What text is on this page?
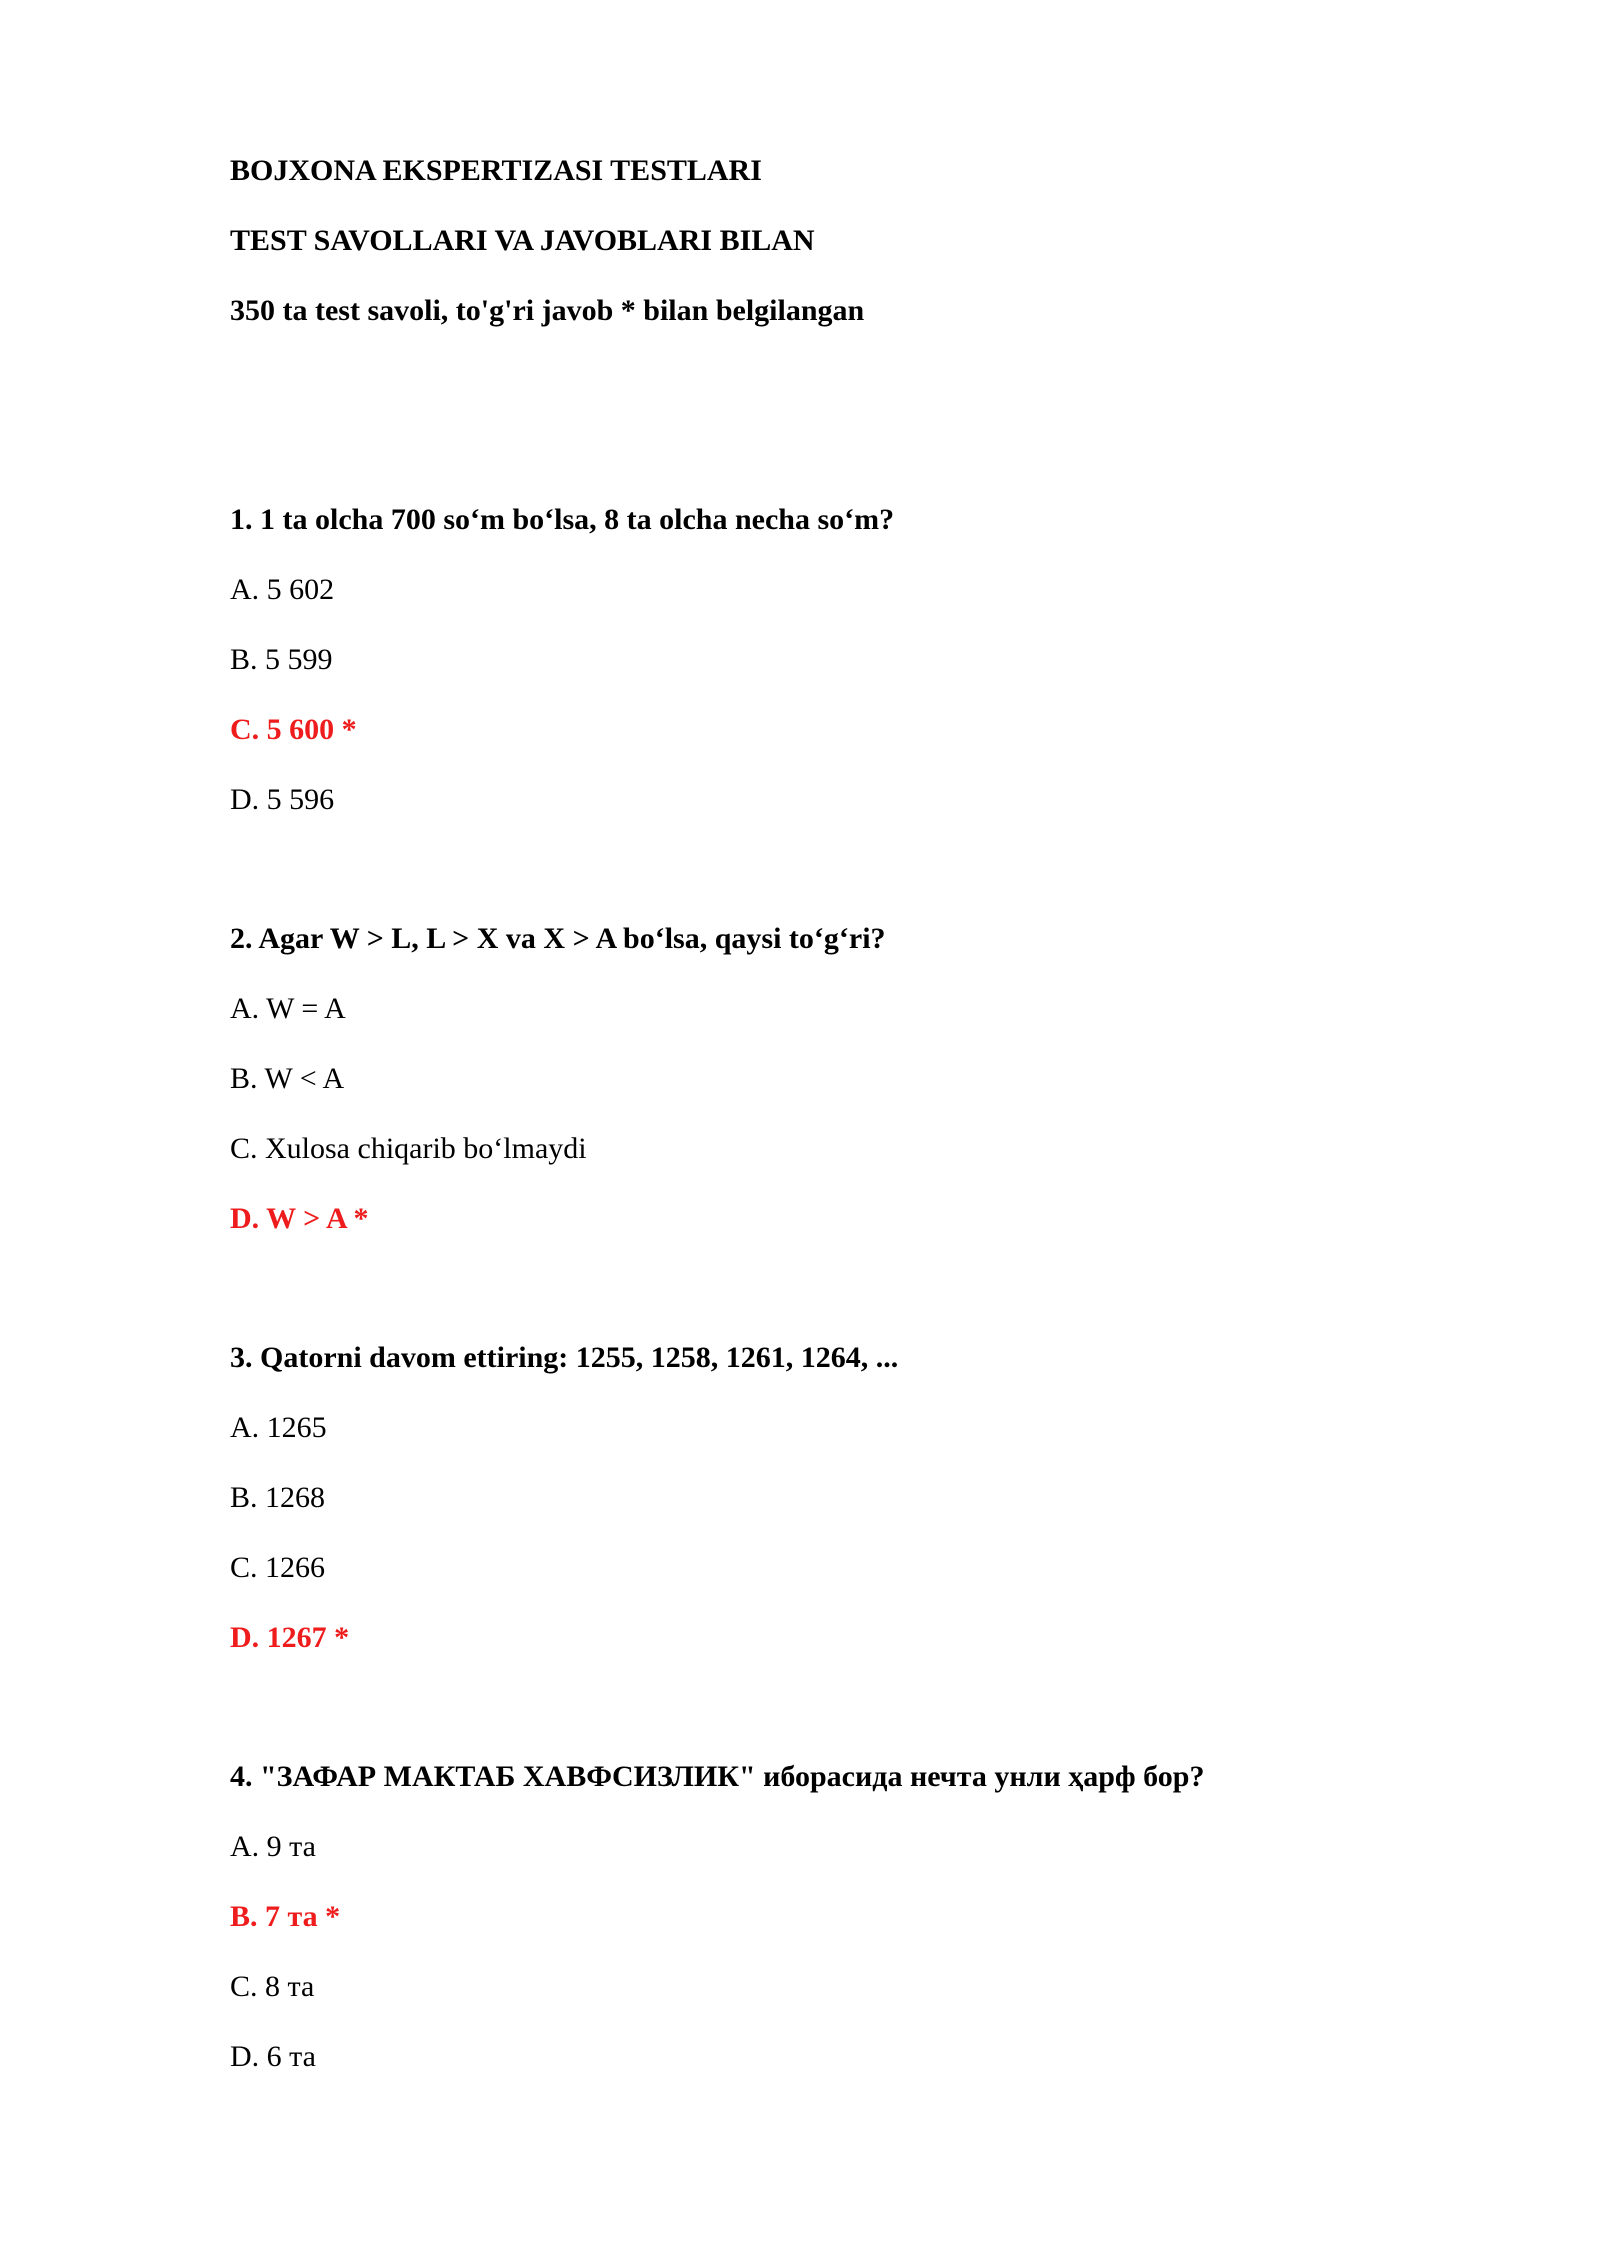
BOJXONA EKSPERTIZASI TESTLARI
TEST SAVOLLARI VA JAVOBLARI BILAN
350 ta test savoli, to'g'ri javob * bilan belgilangan
1. 1 ta olcha 700 so‘m bo‘lsa, 8 ta olcha necha so‘m?
A. 5 602
B. 5 599
C. 5 600 *
D. 5 596
2. Agar W > L, L > X va X > A bo‘lsa, qaysi to‘g‘ri?
A. W = A
B. W < A
C. Xulosa chiqarib bo‘lmaydi
D. W > A *
3. Qatorni davom ettiring: 1255, 1258, 1261, 1264, ...
A. 1265
B. 1268
C. 1266
D. 1267 *
4. "ЗАФАР МАКТАБ ХАВФСИЗЛИК" иборасида нечта унли ҳарф бор?
A. 9 та
B. 7 та *
C. 8 та
D. 6 та
